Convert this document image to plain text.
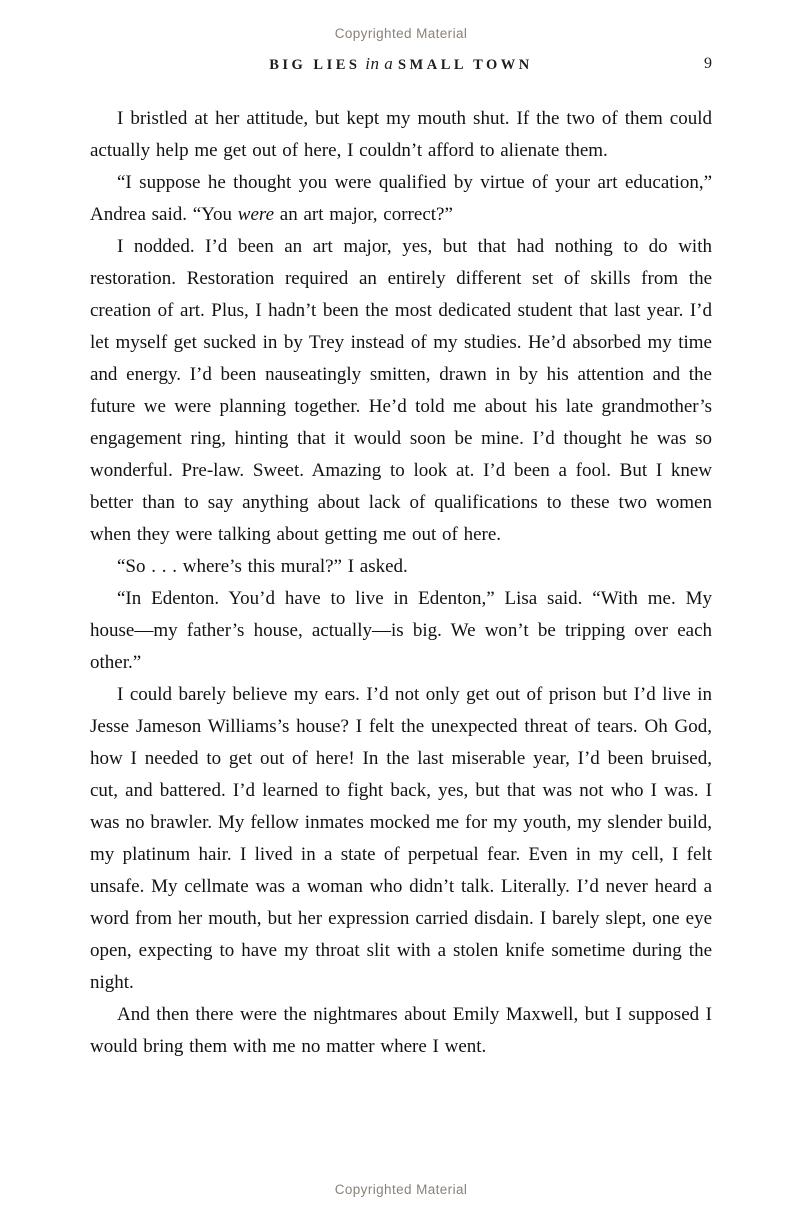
Copyrighted Material
BIG LIES in a SMALL TOWN	9

I bristled at her attitude, but kept my mouth shut. If the two of them could actually help me get out of here, I couldn’t afford to alienate them.

“I suppose he thought you were qualified by virtue of your art education,” Andrea said. “You were an art major, correct?”

I nodded. I’d been an art major, yes, but that had nothing to do with restoration. Restoration required an entirely different set of skills from the creation of art. Plus, I hadn’t been the most dedicated student that last year. I’d let myself get sucked in by Trey instead of my studies. He’d absorbed my time and energy. I’d been nauseatingly smitten, drawn in by his attention and the future we were planning together. He’d told me about his late grandmother’s engagement ring, hinting that it would soon be mine. I’d thought he was so wonderful. Pre-law. Sweet. Amazing to look at. I’d been a fool. But I knew better than to say anything about lack of qualifications to these two women when they were talking about getting me out of here.

“So . . . where’s this mural?” I asked.

“In Edenton. You’d have to live in Edenton,” Lisa said. “With me. My house—my father’s house, actually—is big. We won’t be tripping over each other.”

I could barely believe my ears. I’d not only get out of prison but I’d live in Jesse Jameson Williams’s house? I felt the unexpected threat of tears. Oh God, how I needed to get out of here! In the last miserable year, I’d been bruised, cut, and battered. I’d learned to fight back, yes, but that was not who I was. I was no brawler. My fellow inmates mocked me for my youth, my slender build, my platinum hair. I lived in a state of perpetual fear. Even in my cell, I felt unsafe. My cellmate was a woman who didn’t talk. Literally. I’d never heard a word from her mouth, but her expression carried disdain. I barely slept, one eye open, expecting to have my throat slit with a stolen knife sometime during the night.

And then there were the nightmares about Emily Maxwell, but I supposed I would bring them with me no matter where I went.

Copyrighted Material
